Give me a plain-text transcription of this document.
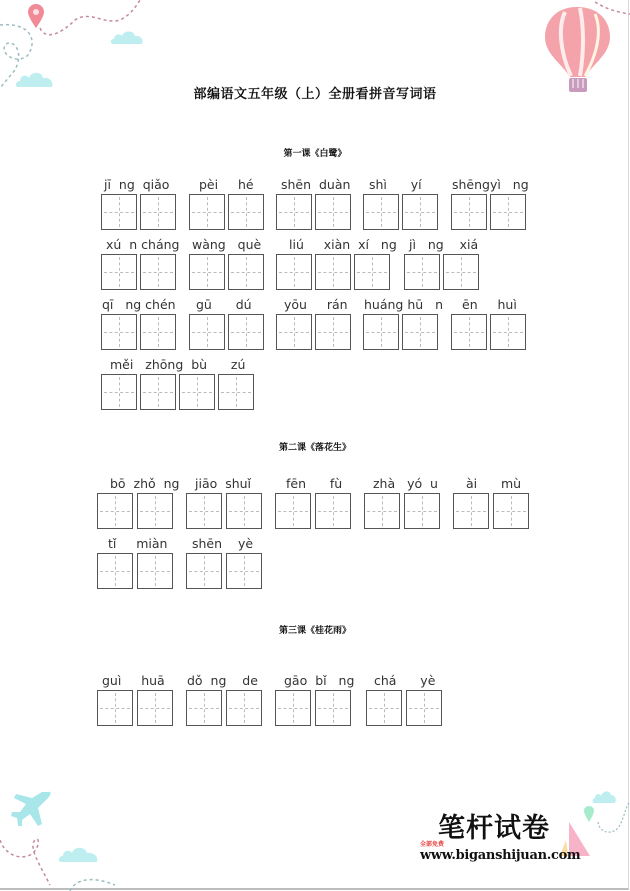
部编语文五年级（上）全册看拼音写词语
第一课《白鹭》
jī  ng  qiǎo pèi     hé shēn  duàn shì      yí shēngyì   ng
xú  n cháng wàng   què liú     xiàn  xí   ng jì   ng    xiá
qī   ng chén gū      dú	yōu     rán huáng hū   n ēn     huì
měi   zhōng  bù      zú
第二课《落花生》
bō  zhǒ  ng jiāo  shuǐ	fēn      fù zhà   yó  u ài      mù
tǐ     miàn shēn    yè
第三课《桂花雨》
guì     huā dǒ  ng    de gāo  bǐ   ng chá      yè
笔杆试卷
全部免费
www.biganshijuan.com
